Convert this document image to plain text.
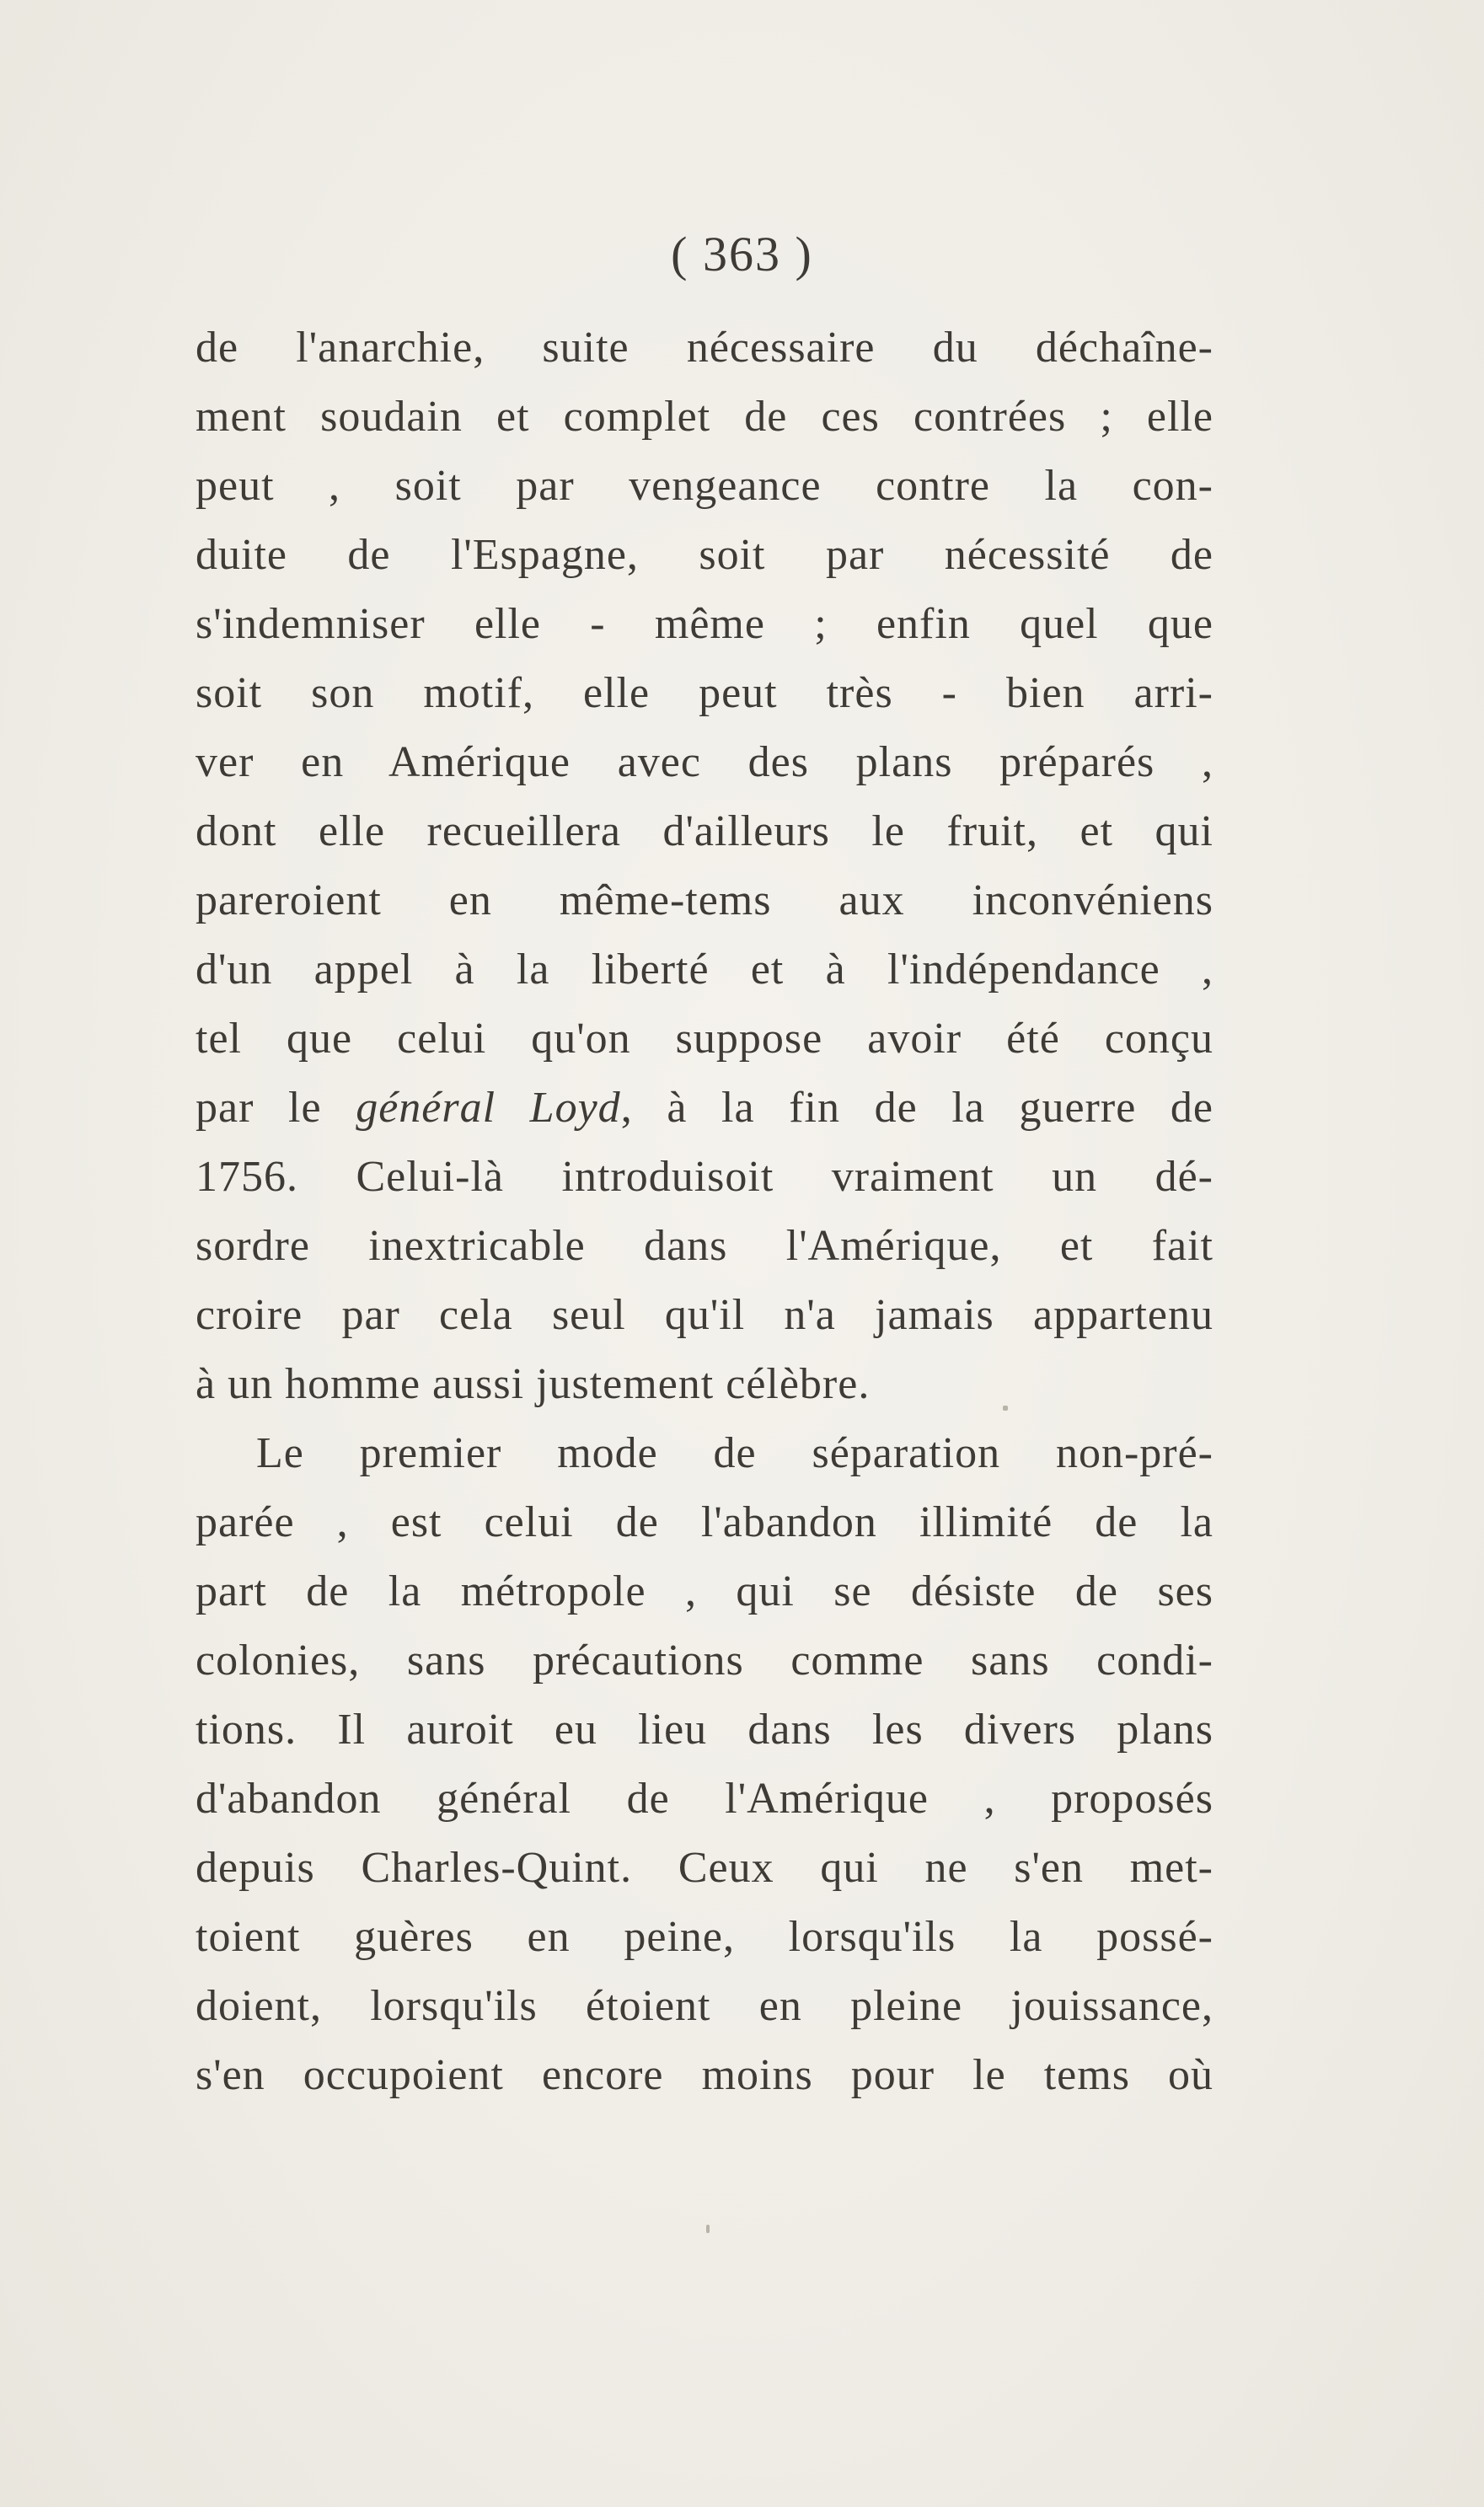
( 363 )
de l'anarchie, suite nécessaire du déchaîne-
ment soudain et complet de ces contrées ; elle
peut , soit par vengeance contre la con-
duite de l'Espagne, soit par nécessité de
s'indemniser elle - même ; enfin quel que
soit son motif, elle peut très - bien arri-
ver en Amérique avec des plans préparés ,
dont elle recueillera d'ailleurs le fruit, et qui
pareroient en même-tems aux inconvéniens
d'un appel à la liberté et à l'indépendance ,
tel que celui qu'on suppose avoir été conçu
par le général Loyd, à la fin de la guerre de
1756. Celui-là introduisoit vraiment un dé-
sordre inextricable dans l'Amérique, et fait
croire par cela seul qu'il n'a jamais appartenu
à un homme aussi justement célèbre.
Le premier mode de séparation non-pré-
parée , est celui de l'abandon illimité de la
part de la métropole , qui se désiste de ses
colonies, sans précautions comme sans condi-
tions. Il auroit eu lieu dans les divers plans
d'abandon général de l'Amérique , proposés
depuis Charles-Quint. Ceux qui ne s'en met-
toient guères en peine, lorsqu'ils la possé-
doient, lorsqu'ils étoient en pleine jouissance,
s'en occupoient encore moins pour le tems où
